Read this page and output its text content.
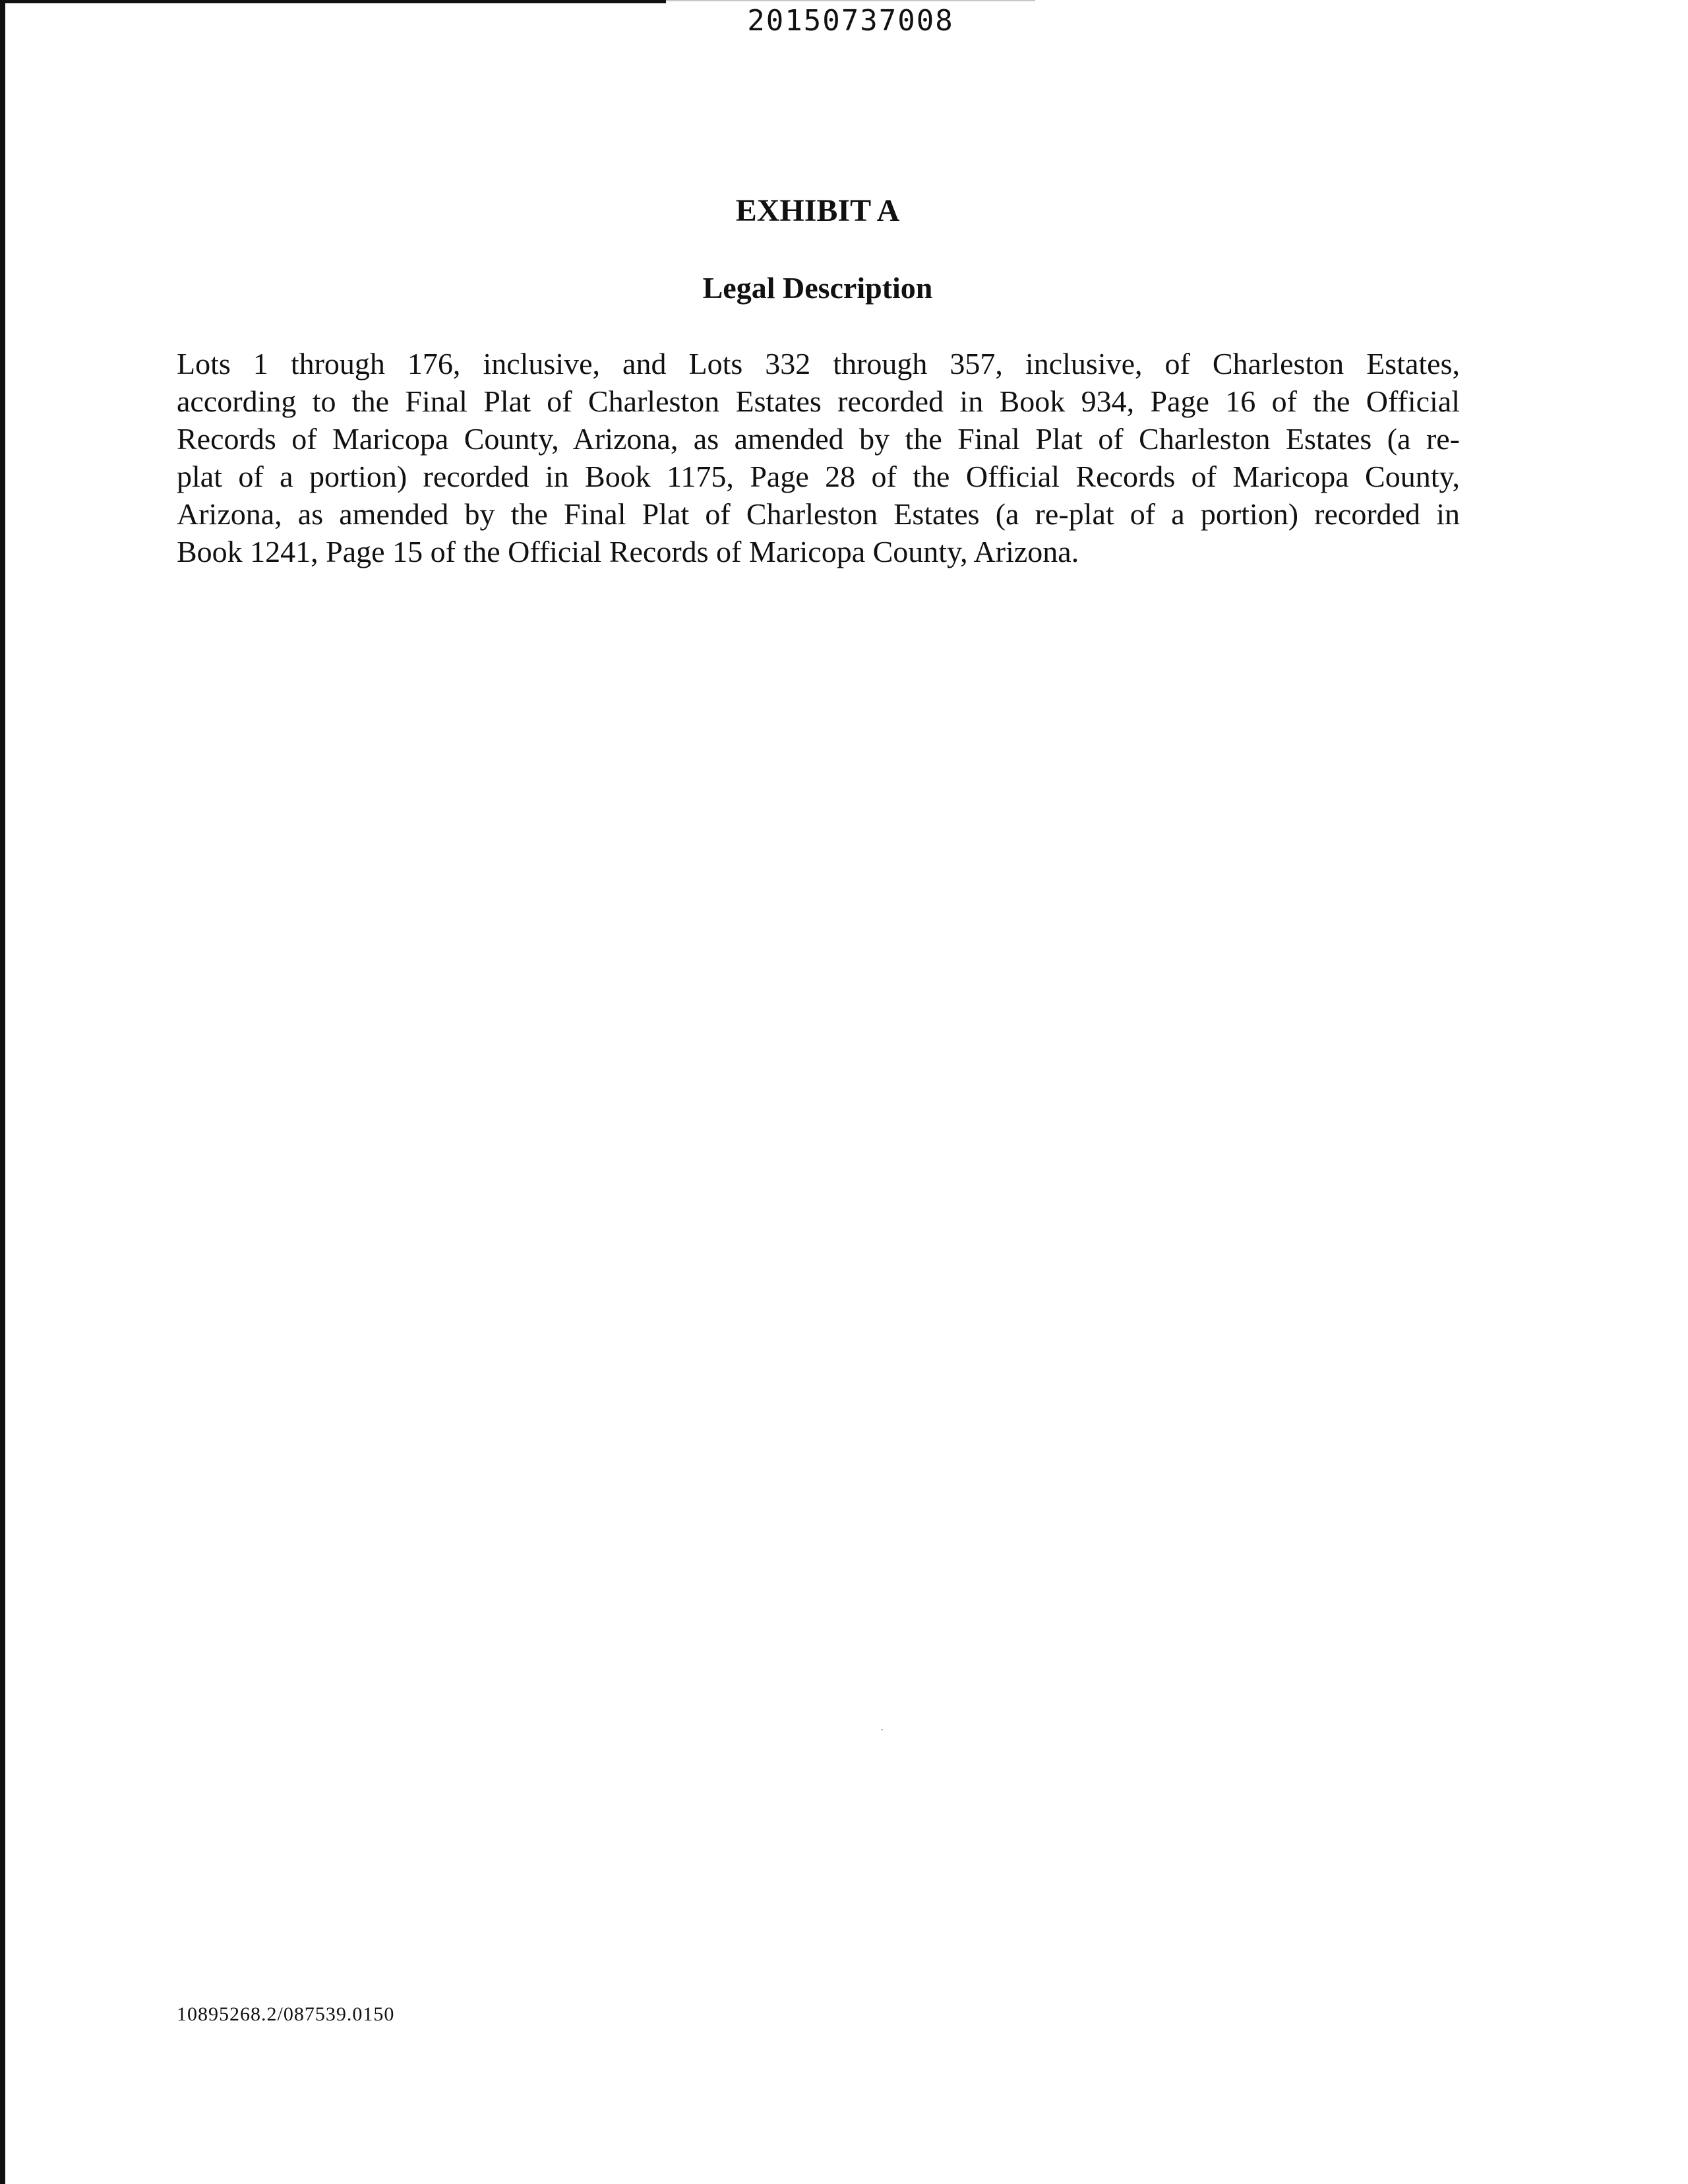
20150737008
EXHIBIT A
Legal Description
Lots 1 through 176, inclusive, and Lots 332 through 357, inclusive, of Charleston Estates,
according to the Final Plat of Charleston Estates recorded in Book 934, Page 16 of the Official
Records of Maricopa County, Arizona, as amended by the Final Plat of Charleston Estates (a re-
plat of a portion) recorded in Book 1175, Page 28 of the Official Records of Maricopa County,
Arizona, as amended by the Final Plat of Charleston Estates (a re-plat of a portion) recorded in
Book 1241, Page 15 of the Official Records of Maricopa County, Arizona.
10895268.2/087539.0150
